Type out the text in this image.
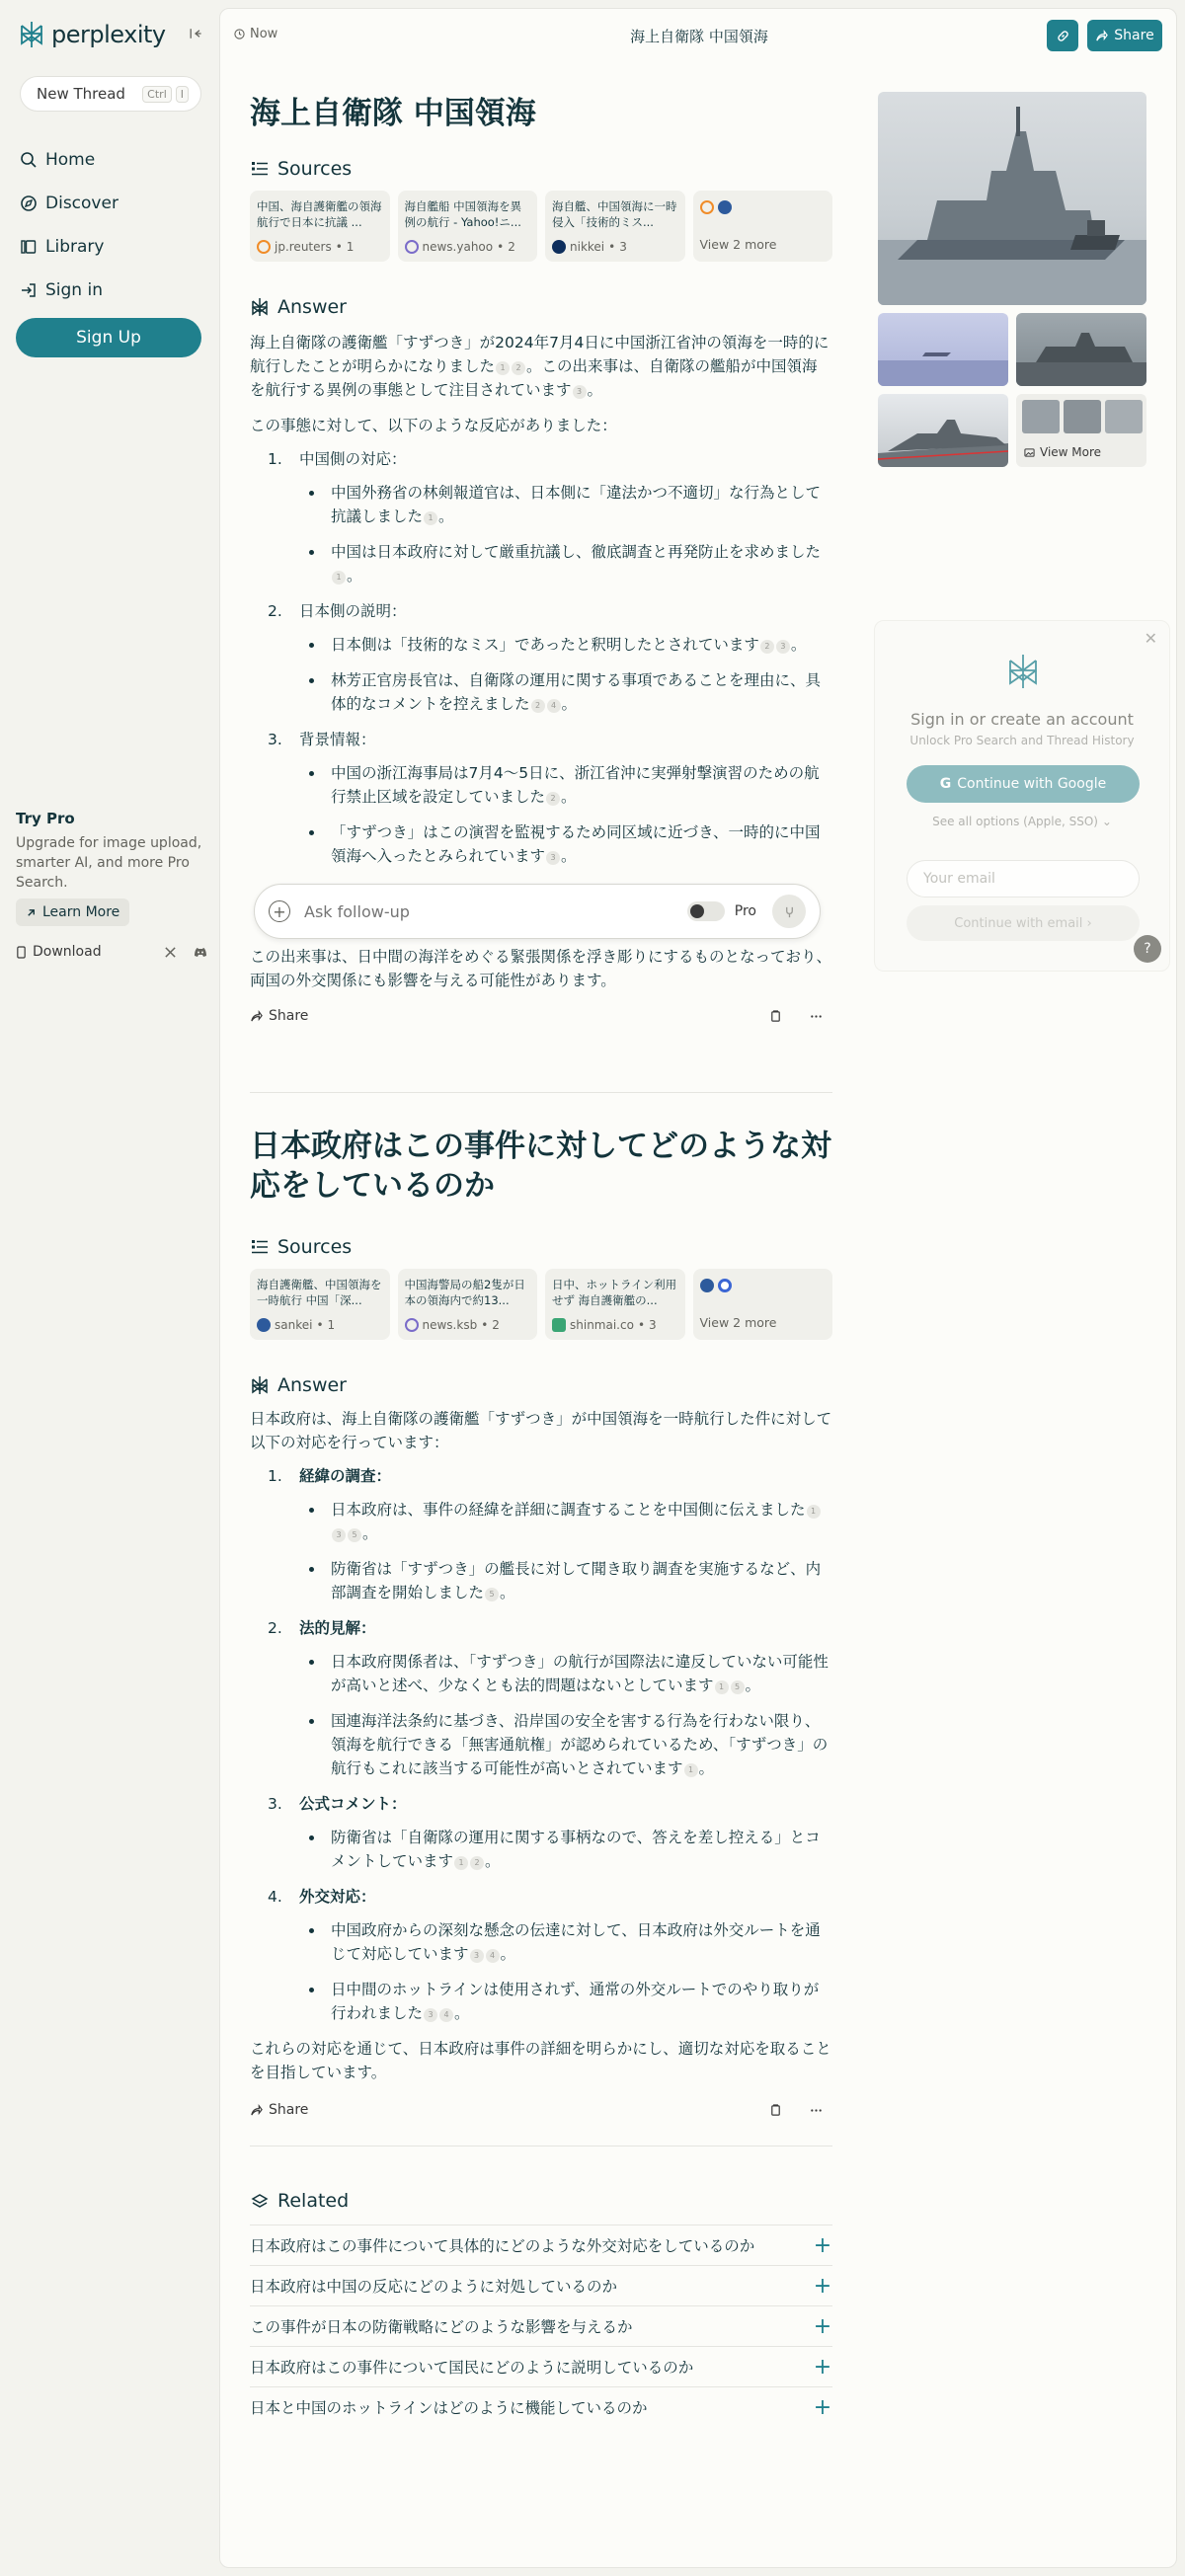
perplexity
New Thread	Ctrl	I
Home
Discover
Library
Sign in
Sign Up
Try Pro
Upgrade for image upload, smarter AI, and more Pro Search.
Learn More
Download
Now	海上自衛隊 中国領海	Share
海上自衛隊 中国領海
Sources
中国、海自護衛艦の領海航行で日本に抗議 ...
jp.reuters • 1
海自艦船 中国領海を異例の航行 - Yahoo!ニ...
news.yahoo • 2
海自艦、中国領海に一時侵入「技術的ミス...
nikkei • 3	View 2 more
Answer

海上自衛隊の護衛艦「すずつき」が2024年7月4日に中国浙江省沖の領海を一時的に航行したことが明らかになりました 1 2 。この出来事は、自衛隊の艦船が中国領海を航行する異例の事態として注目されています 3 。

この事態に対して、以下のような反応がありました：

1. 中国側の対応：
中国外務省の林剣報道官は、日本側に「違法かつ不適切」な行為として抗議しました 1 。
中国は日本政府に対して厳重抗議し、徹底調査と再発防止を求めました1 。
2. 日本側の説明：
日本側は「技術的なミス」であったと釈明したとされています 2 3 。
林芳正官房長官は、自衛隊の運用に関する事項であることを理由に、具体的なコメントを控えました 2 4 。
3. 背景情報：
中国の浙江海事局は7月4〜5日に、浙江省沖に実弾射撃演習のための航行禁止区域を設定していました 2 。
「すずつき」はこの演習を監視するため同区域に近づき、一時的に中国領海へ入ったとみられています 3 。

この出来事は、日中間の海洋をめぐる緊張関係を浮き彫りにするものとなっており、両国の外交関係にも影響を与える可能性があります。

Share
日本政府はこの事件に対してどのような対応をしているのか
Sources
海自護衛艦、中国領海を一時航行 中国「深...
sankei • 1
中国海警局の船2隻が日本の領海内で約13...
news.ksb • 2
日中、ホットライン利用せず 海自護衛艦の...
shinmai.co • 3	View 2 more
Answer

日本政府は、海上自衛隊の護衛艦「すずつき」が中国領海を一時航行した件に対して以下の対応を行っています：

1. 経緯の調査：
日本政府は、事件の経緯を詳細に調査することを中国側に伝えました 13 5 。
防衛省は「すずつき」の艦長に対して聞き取り調査を実施するなど、内部調査を開始しました 5 。
2. 法的見解：
日本政府関係者は、「すずつき」の航行が国際法に違反していない可能性が高いと述べ、少なくとも法的問題はないとしています 1 5 。
国連海洋法条約に基づき、沿岸国の安全を害する行為を行わない限り、領海を航行できる「無害通航権」が認められているため、「すずつき」の航行もこれに該当する可能性が高いとされています 1 。
3. 公式コメント：
防衛省は「自衛隊の運用に関する事柄なので、答えを差し控える」とコメントしています 1 2 。
4. 外交対応：
中国政府からの深刻な懸念の伝達に対して、日本政府は外交ルートを通じて対応しています 3 4 。
日中間のホットラインは使用されず、通常の外交ルートでのやり取りが行われました 3 4 。

これらの対応を通じて、日本政府は事件の詳細を明らかにし、適切な対応を取ることを目指しています。

Share
Related
日本政府はこの事件について具体的にどのような外交対応をしているのか	+
日本政府は中国の反応にどのように対処しているのか	+
この事件が日本の防衛戦略にどのような影響を与えるか	+
日本政府はこの事件について国民にどのように説明しているのか	+
日本と中国のホットラインはどのように機能しているのか	+
View More
+
Ask follow-up	Pro
✕
Sign in or create an account
Unlock Pro Search and Thread History
G Continue with Google
See all options (Apple, SSO) ⌄
Your email
Continue with email
›
?
